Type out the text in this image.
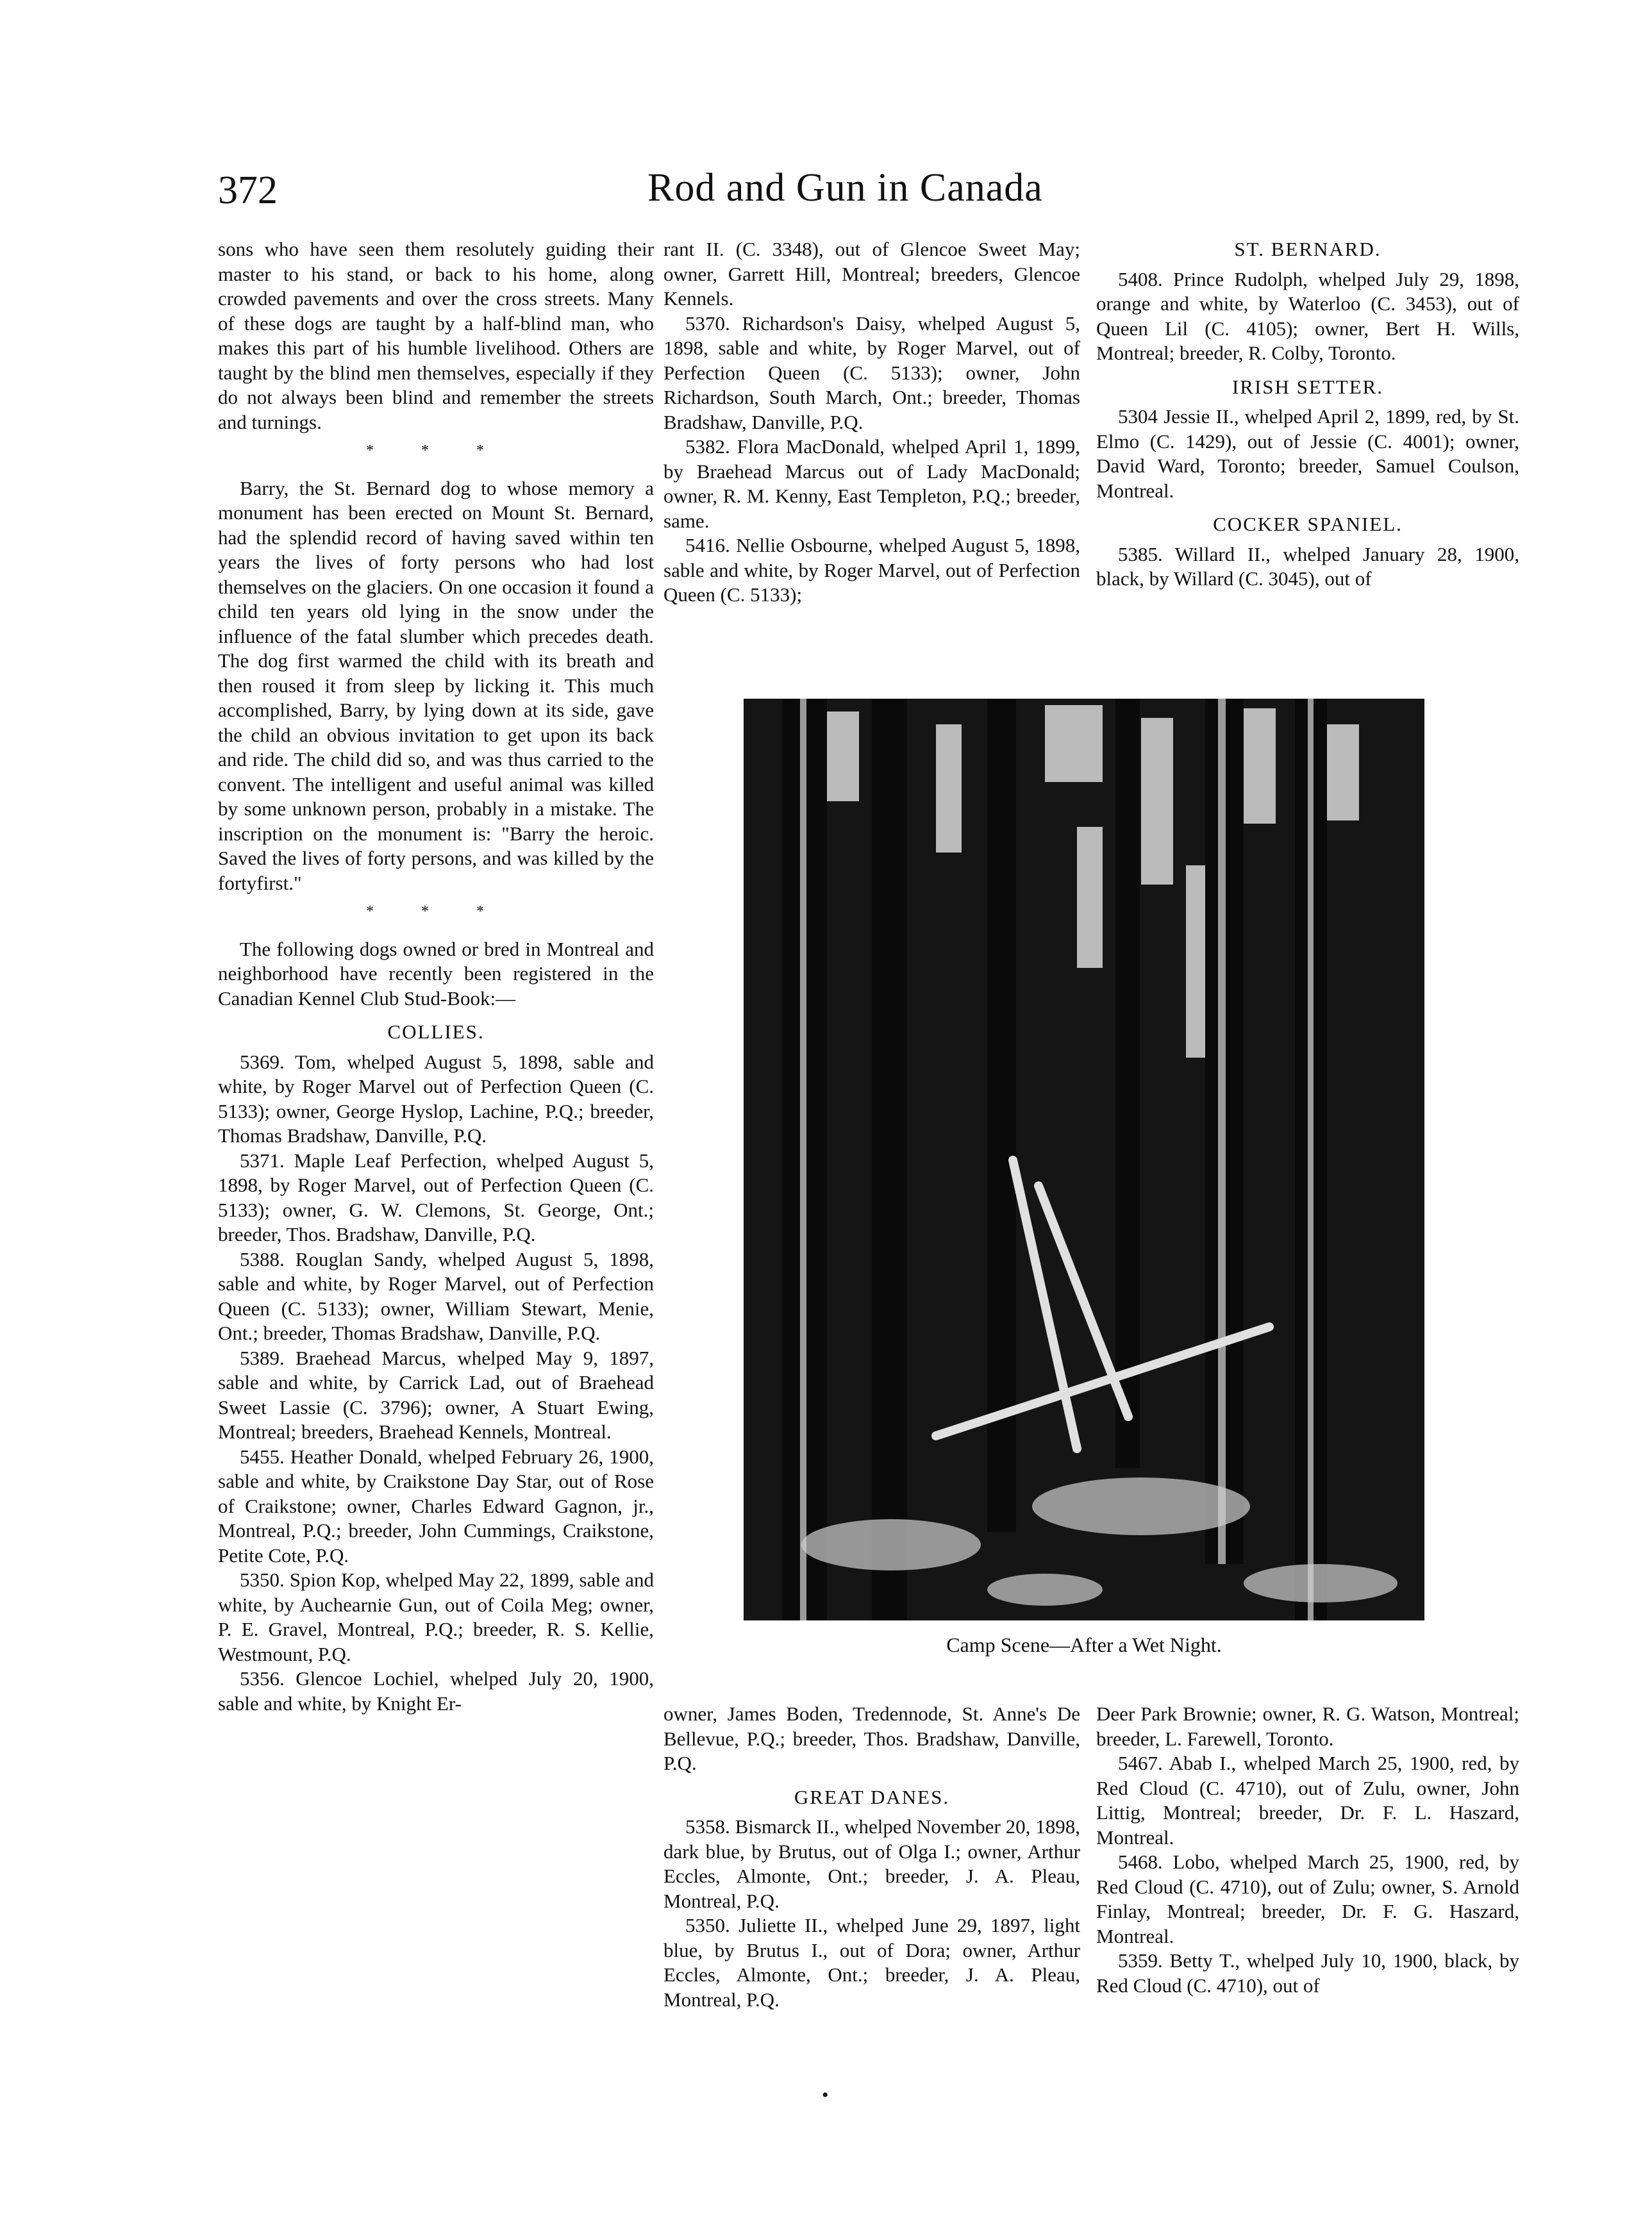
372	Rod and Gun in Canada

sons who have seen them resolutely guiding their master to his stand, or back to his home, along crowded pavements and over the cross streets. Many of these dogs are taught by a half-blind man, who makes this part of his humble livelihood. Others are taught by the blind men themselves, especially if they do not always been blind and remember the streets and turnings.

* * *

Barry, the St. Bernard dog to whose memory a monument has been erected on Mount St. Bernard, had the splendid record of having saved within ten years the lives of forty persons who had lost themselves on the glaciers. On one occasion it found a child ten years old lying in the snow under the influence of the fatal slumber which precedes death. The dog first warmed the child with its breath and then roused it from sleep by licking it. This much accomplished, Barry, by lying down at its side, gave the child an obvious invitation to get upon its back and ride. The child did so, and was thus carried to the convent. The intelligent and useful animal was killed by some unknown person, probably in a mistake. The inscription on the monument is: "Barry the heroic. Saved the lives of forty persons, and was killed by the fortyfirst."

* * *

The following dogs owned or bred in Montreal and neighborhood have recently been registered in the Canadian Kennel Club Stud-Book:—

COLLIES.

5369. Tom, whelped August 5, 1898, sable and white, by Roger Marvel out of Perfection Queen (C. 5133); owner, George Hyslop, Lachine, P.Q.; breeder, Thomas Bradshaw, Danville, P.Q.

5371. Maple Leaf Perfection, whelped August 5, 1898, by Roger Marvel, out of Perfection Queen (C. 5133); owner, G. W. Clemons, St. George, Ont.; breeder, Thos. Bradshaw, Danville, P.Q.

5388. Rouglan Sandy, whelped August 5, 1898, sable and white, by Roger Marvel, out of Perfection Queen (C. 5133); owner, William Stewart, Menie, Ont.; breeder, Thomas Bradshaw, Danville, P.Q.

5389. Braehead Marcus, whelped May 9, 1897, sable and white, by Carrick Lad, out of Braehead Sweet Lassie (C. 3796); owner, A Stuart Ewing, Montreal; breeders, Braehead Kennels, Montreal.

5455. Heather Donald, whelped February 26, 1900, sable and white, by Craikstone Day Star, out of Rose of Craikstone; owner, Charles Edward Gagnon, jr., Montreal, P.Q.; breeder, John Cummings, Craikstone, Petite Cote, P.Q.

5350. Spion Kop, whelped May 22, 1899, sable and white, by Auchearnie Gun, out of Coila Meg; owner, P. E. Gravel, Montreal, P.Q.; breeder, R. S. Kellie, Westmount, P.Q.

5356. Glencoe Lochiel, whelped July 20, 1900, sable and white, by Knight Er-

rant II. (C. 3348), out of Glencoe Sweet May; owner, Garrett Hill, Montreal; breeders, Glencoe Kennels.

5370. Richardson's Daisy, whelped August 5, 1898, sable and white, by Roger Marvel, out of Perfection Queen (C. 5133); owner, John Richardson, South March, Ont.; breeder, Thomas Bradshaw, Danville, P.Q.

5382. Flora MacDonald, whelped April 1, 1899, by Braehead Marcus out of Lady MacDonald; owner, R. M. Kenny, East Templeton, P.Q.; breeder, same.

5416. Nellie Osbourne, whelped August 5, 1898, sable and white, by Roger Marvel, out of Perfection Queen (C. 5133);

ST. BERNARD.

5408. Prince Rudolph, whelped July 29, 1898, orange and white, by Waterloo (C. 3453), out of Queen Lil (C. 4105); owner, Bert H. Wills, Montreal; breeder, R. Colby, Toronto.

IRISH SETTER.

5304 Jessie II., whelped April 2, 1899, red, by St. Elmo (C. 1429), out of Jessie (C. 4001); owner, David Ward, Toronto; breeder, Samuel Coulson, Montreal.

COCKER SPANIEL.

5385. Willard II., whelped January 28, 1900, black, by Willard (C. 3045), out of

Camp Scene—After a Wet Night.

owner, James Boden, Tredennode, St. Anne's De Bellevue, P.Q.; breeder, Thos. Bradshaw, Danville, P.Q.

GREAT DANES.

5358. Bismarck II., whelped November 20, 1898, dark blue, by Brutus, out of Olga I.; owner, Arthur Eccles, Almonte, Ont.; breeder, J. A. Pleau, Montreal, P.Q.

5350. Juliette II., whelped June 29, 1897, light blue, by Brutus I., out of Dora; owner, Arthur Eccles, Almonte, Ont.; breeder, J. A. Pleau, Montreal, P.Q.

Deer Park Brownie; owner, R. G. Watson, Montreal; breeder, L. Farewell, Toronto.

5467. Abab I., whelped March 25, 1900, red, by Red Cloud (C. 4710), out of Zulu, owner, John Littig, Montreal; breeder, Dr. F. L. Haszard, Montreal.

5468. Lobo, whelped March 25, 1900, red, by Red Cloud (C. 4710), out of Zulu; owner, S. Arnold Finlay, Montreal; breeder, Dr. F. G. Haszard, Montreal.

5359. Betty T., whelped July 10, 1900, black, by Red Cloud (C. 4710), out of

•
